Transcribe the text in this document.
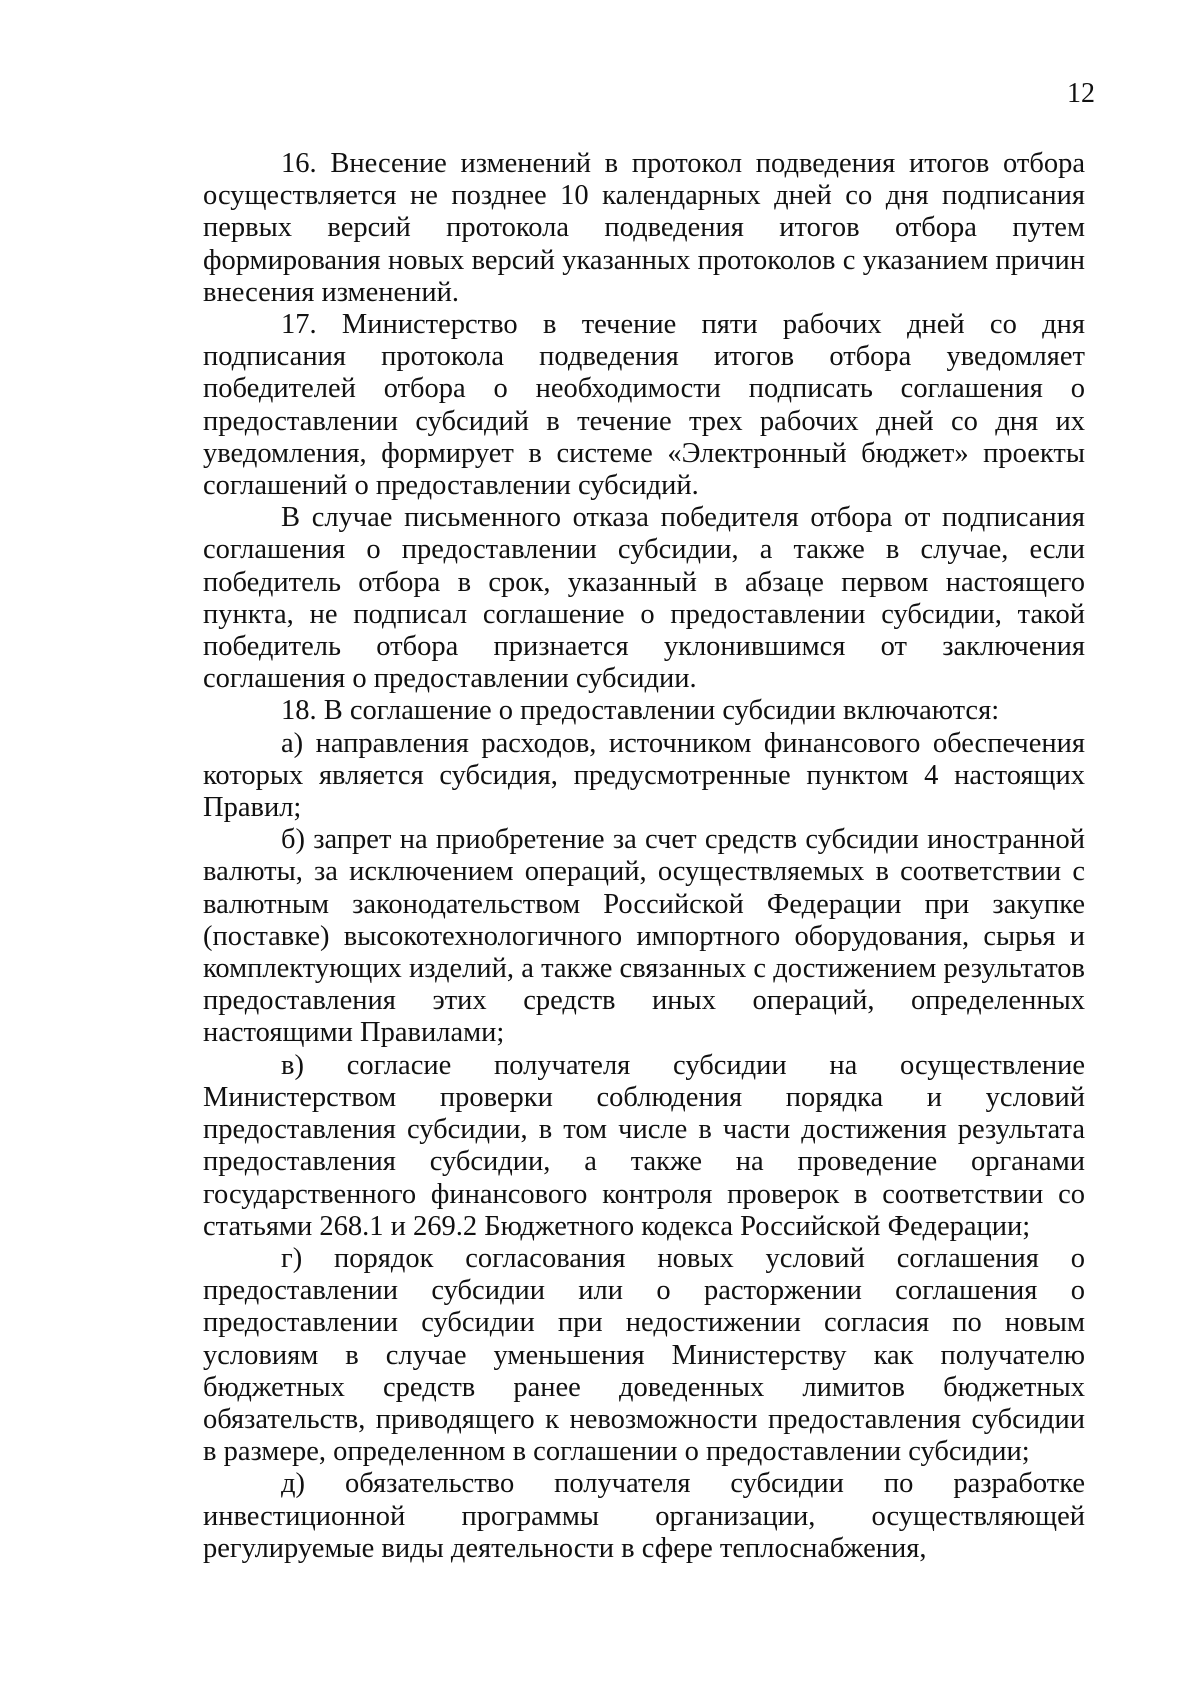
12

16. Внесение изменений в протокол подведения итогов отбора осуществляется не позднее 10 календарных дней со дня подписания первых версий протокола подведения итогов отбора путем формирования новых версий указанных протоколов с указанием причин внесения изменений.

17. Министерство в течение пяти рабочих дней со дня подписания протокола подведения итогов отбора уведомляет победителей отбора о необходимости подписать соглашения о предоставлении субсидий в течение трех рабочих дней со дня их уведомления, формирует в системе «Электронный бюджет» проекты соглашений о предоставлении субсидий.

В случае письменного отказа победителя отбора от подписания соглашения о предоставлении субсидии, а также в случае, если победитель отбора в срок, указанный в абзаце первом настоящего пункта, не подписал соглашение о предоставлении субсидии, такой победитель отбора признается уклонившимся от заключения соглашения о предоставлении субсидии.

18. В соглашение о предоставлении субсидии включаются:

а) направления расходов, источником финансового обеспечения которых является субсидия, предусмотренные пунктом 4 настоящих Правил;

б) запрет на приобретение за счет средств субсидии иностранной валюты, за исключением операций, осуществляемых в соответствии с валютным законодательством Российской Федерации при закупке (поставке) высокотехнологичного импортного оборудования, сырья и комплектующих изделий, а также связанных с достижением результатов предоставления этих средств иных операций, определенных настоящими Правилами;

в) согласие получателя субсидии на осуществление Министерством проверки соблюдения порядка и условий предоставления субсидии, в том числе в части достижения результата предоставления субсидии, а также на проведение органами государственного финансового контроля проверок в соответствии со статьями 268.1 и 269.2 Бюджетного кодекса Российской Федерации;

г) порядок согласования новых условий соглашения о предоставлении субсидии или о расторжении соглашения о предоставлении субсидии при недостижении согласия по новым условиям в случае уменьшения Министерству как получателю бюджетных средств ранее доведенных лимитов бюджетных обязательств, приводящего к невозможности предоставления субсидии в размере, определенном в соглашении о предоставлении субсидии;

д) обязательство получателя субсидии по разработке инвестиционной программы организации, осуществляющей регулируемые виды деятельности в сфере теплоснабжения,
